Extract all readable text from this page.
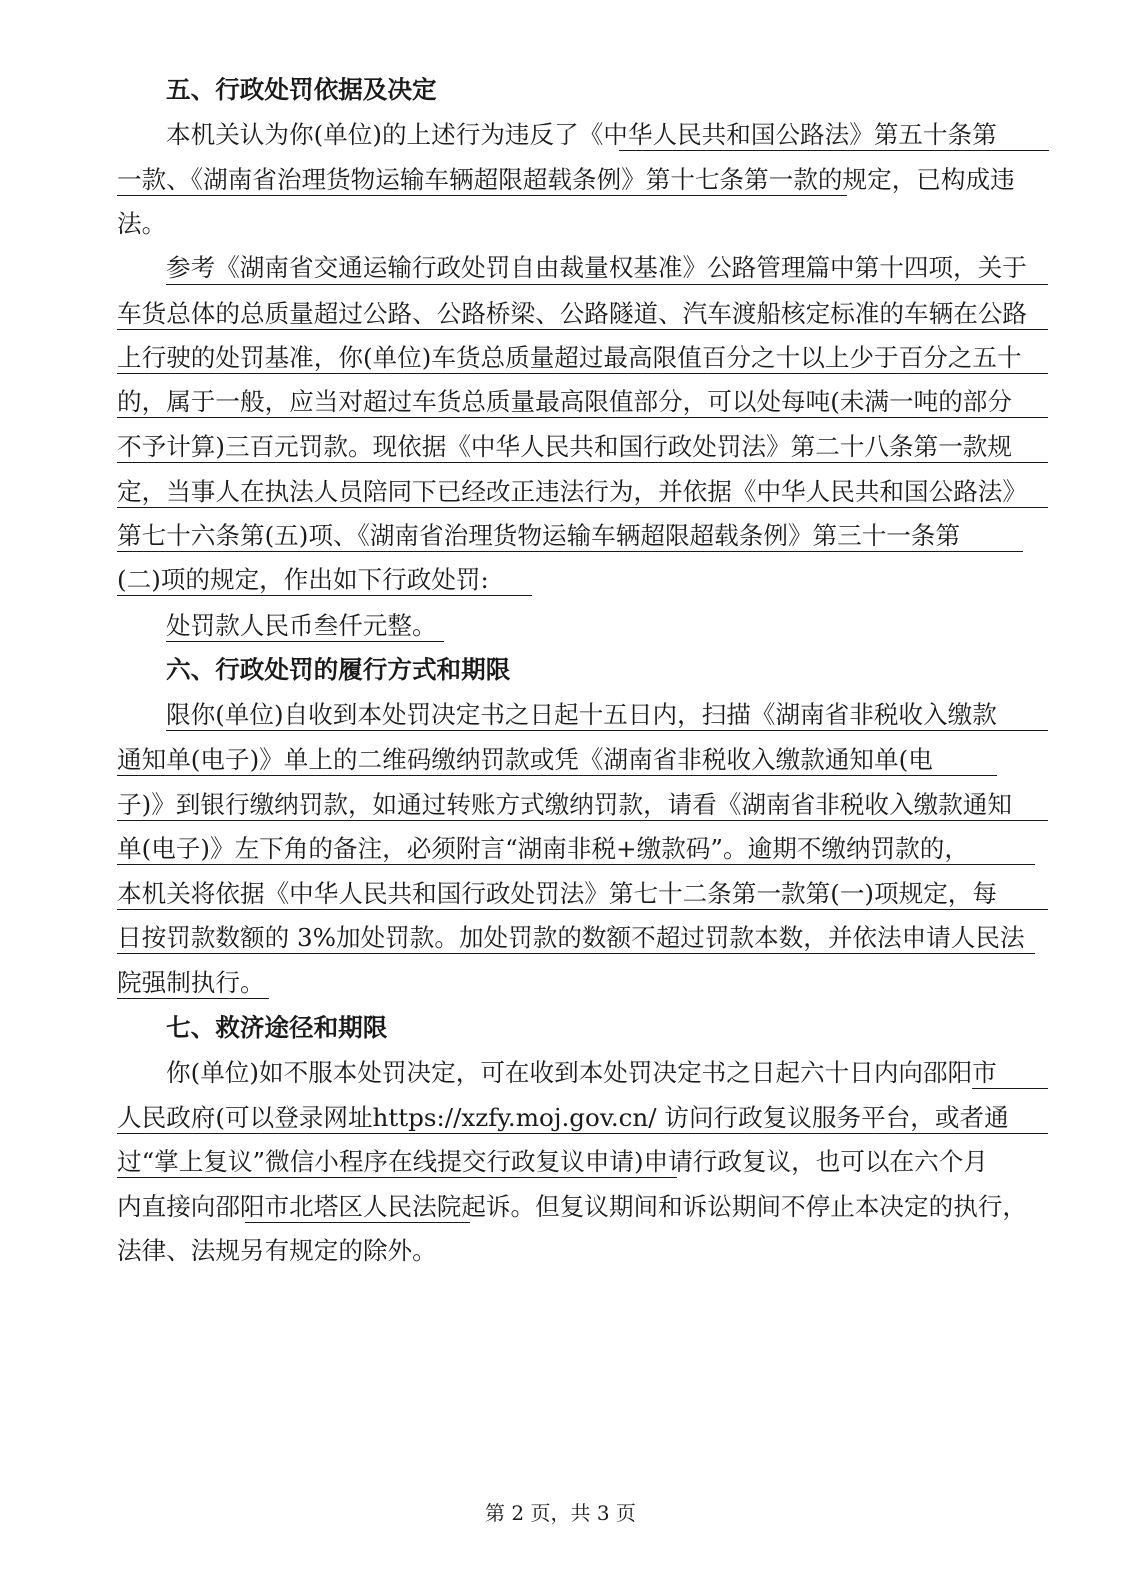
五、行政处罚依据及决定
本机关认为你(单位)的上述行为违反了《中华人民共和国公路法》第五十条第
一款、《湖南省治理货物运输车辆超限超载条例》第十七条第一款的规定，已构成违
法。
参考《湖南省交通运输行政处罚自由裁量权基准》公路管理篇中第十四项，关于
车货总体的总质量超过公路、公路桥梁、公路隧道、汽车渡船核定标准的车辆在公路
上行驶的处罚基准，你(单位)车货总质量超过最高限值百分之十以上少于百分之五十
的，属于一般，应当对超过车货总质量最高限值部分，可以处每吨(未满一吨的部分
不予计算)三百元罚款。现依据《中华人民共和国行政处罚法》第二十八条第一款规
定，当事人在执法人员陪同下已经改正违法行为，并依据《中华人民共和国公路法》
第七十六条第(五)项、《湖南省治理货物运输车辆超限超载条例》第三十一条第
(二)项的规定，作出如下行政处罚:
处罚款人民币叁仟元整。
六、行政处罚的履行方式和期限
限你(单位)自收到本处罚决定书之日起十五日内，扫描《湖南省非税收入缴款
通知单(电子)》单上的二维码缴纳罚款或凭《湖南省非税收入缴款通知单(电
子)》到银行缴纳罚款，如通过转账方式缴纳罚款，请看《湖南省非税收入缴款通知
单(电子)》左下角的备注，必须附言“湖南非税+缴款码”。逾期不缴纳罚款的，
本机关将依据《中华人民共和国行政处罚法》第七十二条第一款第(一)项规定，每
日按罚款数额的 3%加处罚款。加处罚款的数额不超过罚款本数，并依法申请人民法
院强制执行。
七、救济途径和期限
你(单位)如不服本处罚决定，可在收到本处罚决定书之日起六十日内向邵阳市
人民政府(可以登录网址https://xzfy.moj.gov.cn/ 访问行政复议服务平台，或者通
过“掌上复议”微信小程序在线提交行政复议申请)申请行政复议，也可以在六个月
内直接向邵阳市北塔区人民法院起诉。但复议期间和诉讼期间不停止本决定的执行，
法律、法规另有规定的除外。
第 2 页，共 3 页
